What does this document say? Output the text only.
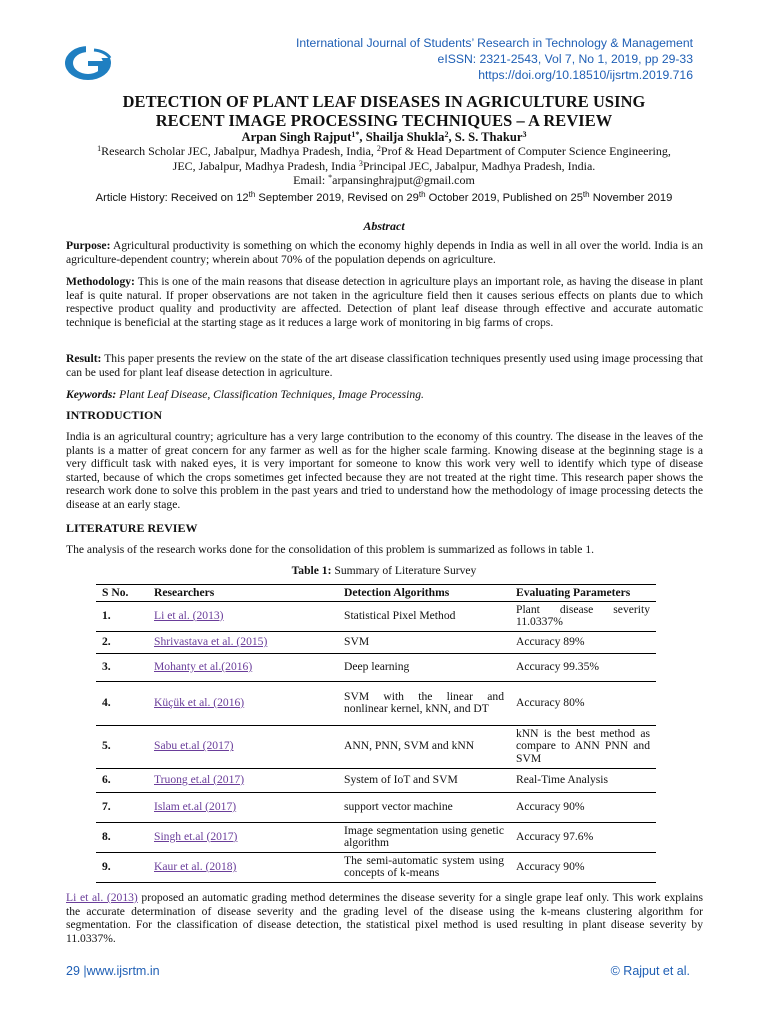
International Journal of Students’ Research in Technology & Management
eISSN: 2321-2543, Vol 7, No 1, 2019, pp 29-33
https://doi.org/10.18510/ijsrtm.2019.716
DETECTION OF PLANT LEAF DISEASES IN AGRICULTURE USING
RECENT IMAGE PROCESSING TECHNIQUES – A REVIEW
Arpan Singh Rajput$^{1*}$, Shailja Shukla$^2$, S. S. Thakur$^3$
$^1$Research Scholar JEC, Jabalpur, Madhya Pradesh, India, $^2$Prof & Head Department of Computer Science Engineering,
JEC, Jabalpur, Madhya Pradesh, India $^3$Principal JEC, Jabalpur, Madhya Pradesh, India.
Email: *arpansinghrajput@gmail.com
Article History: Received on 12th September 2019, Revised on 29th October 2019, Published on 25th November 2019
Abstract
Purpose: Agricultural productivity is something on which the economy highly depends in India as well in all over the world. India is an agriculture-dependent country; wherein about 70% of the population depends on agriculture.
Methodology: This is one of the main reasons that disease detection in agriculture plays an important role, as having the disease in plant leaf is quite natural. If proper observations are not taken in the agriculture field then it causes serious effects on plants due to which respective product quality and productivity are affected. Detection of plant leaf disease through effective and accurate automatic technique is beneficial at the starting stage as it reduces a large work of monitoring in big farms of crops.
Result: This paper presents the review on the state of the art disease classification techniques presently used using image processing that can be used for plant leaf disease detection in agriculture.
Keywords: Plant Leaf Disease, Classification Techniques, Image Processing.
INTRODUCTION
India is an agricultural country; agriculture has a very large contribution to the economy of this country. The disease in the leaves of the plants is a matter of great concern for any farmer as well as for the higher scale farming. Knowing disease at the beginning stage is a very difficult task with naked eyes, it is very important for someone to know this work very well to identify which type of disease started, because of which the crops sometimes get infected because they are not treated at the right time. This research paper shows the research work done to solve this problem in the past years and tried to understand how the methodology of image processing detects the disease at an early stage.
LITERATURE REVIEW
The analysis of the research works done for the consolidation of this problem is summarized as follows in table 1.
Table 1: Summary of Literature Survey
S No.	Researchers	Detection Algorithms	Evaluating Parameters
1.	Li et al. (2013)	Statistical Pixel Method	Plant disease severity 11.0337%
2.	Shrivastava et al. (2015)	SVM	Accuracy 89%
3.	Mohanty et al.(2016)	Deep learning	Accuracy 99.35%
4.	Küçük et al. (2016)	SVM with the linear and nonlinear kernel, kNN, and DT	Accuracy 80%
5.	Sabu et.al (2017)	ANN, PNN, SVM and kNN	kNN is the best method as compare to ANN PNN and SVM
6.	Truong et.al (2017)	System of IoT and SVM	Real-Time Analysis
7.	Islam et.al (2017)	support vector machine	Accuracy 90%
8.	Singh et.al (2017)	Image segmentation using genetic algorithm	Accuracy 97.6%
9.	Kaur et al. (2018)	The semi-automatic system using concepts of k-means	Accuracy 90%
Li et al. (2013) proposed an automatic grading method determines the disease severity for a single grape leaf only. This work explains the accurate determination of disease severity and the grading level of the disease using the k-means clustering algorithm for segmentation. For the classification of disease detection, the statistical pixel method is used resulting in plant disease severity by 11.0337%.
29 |www.ijsrtm.in	© Rajput et al.
